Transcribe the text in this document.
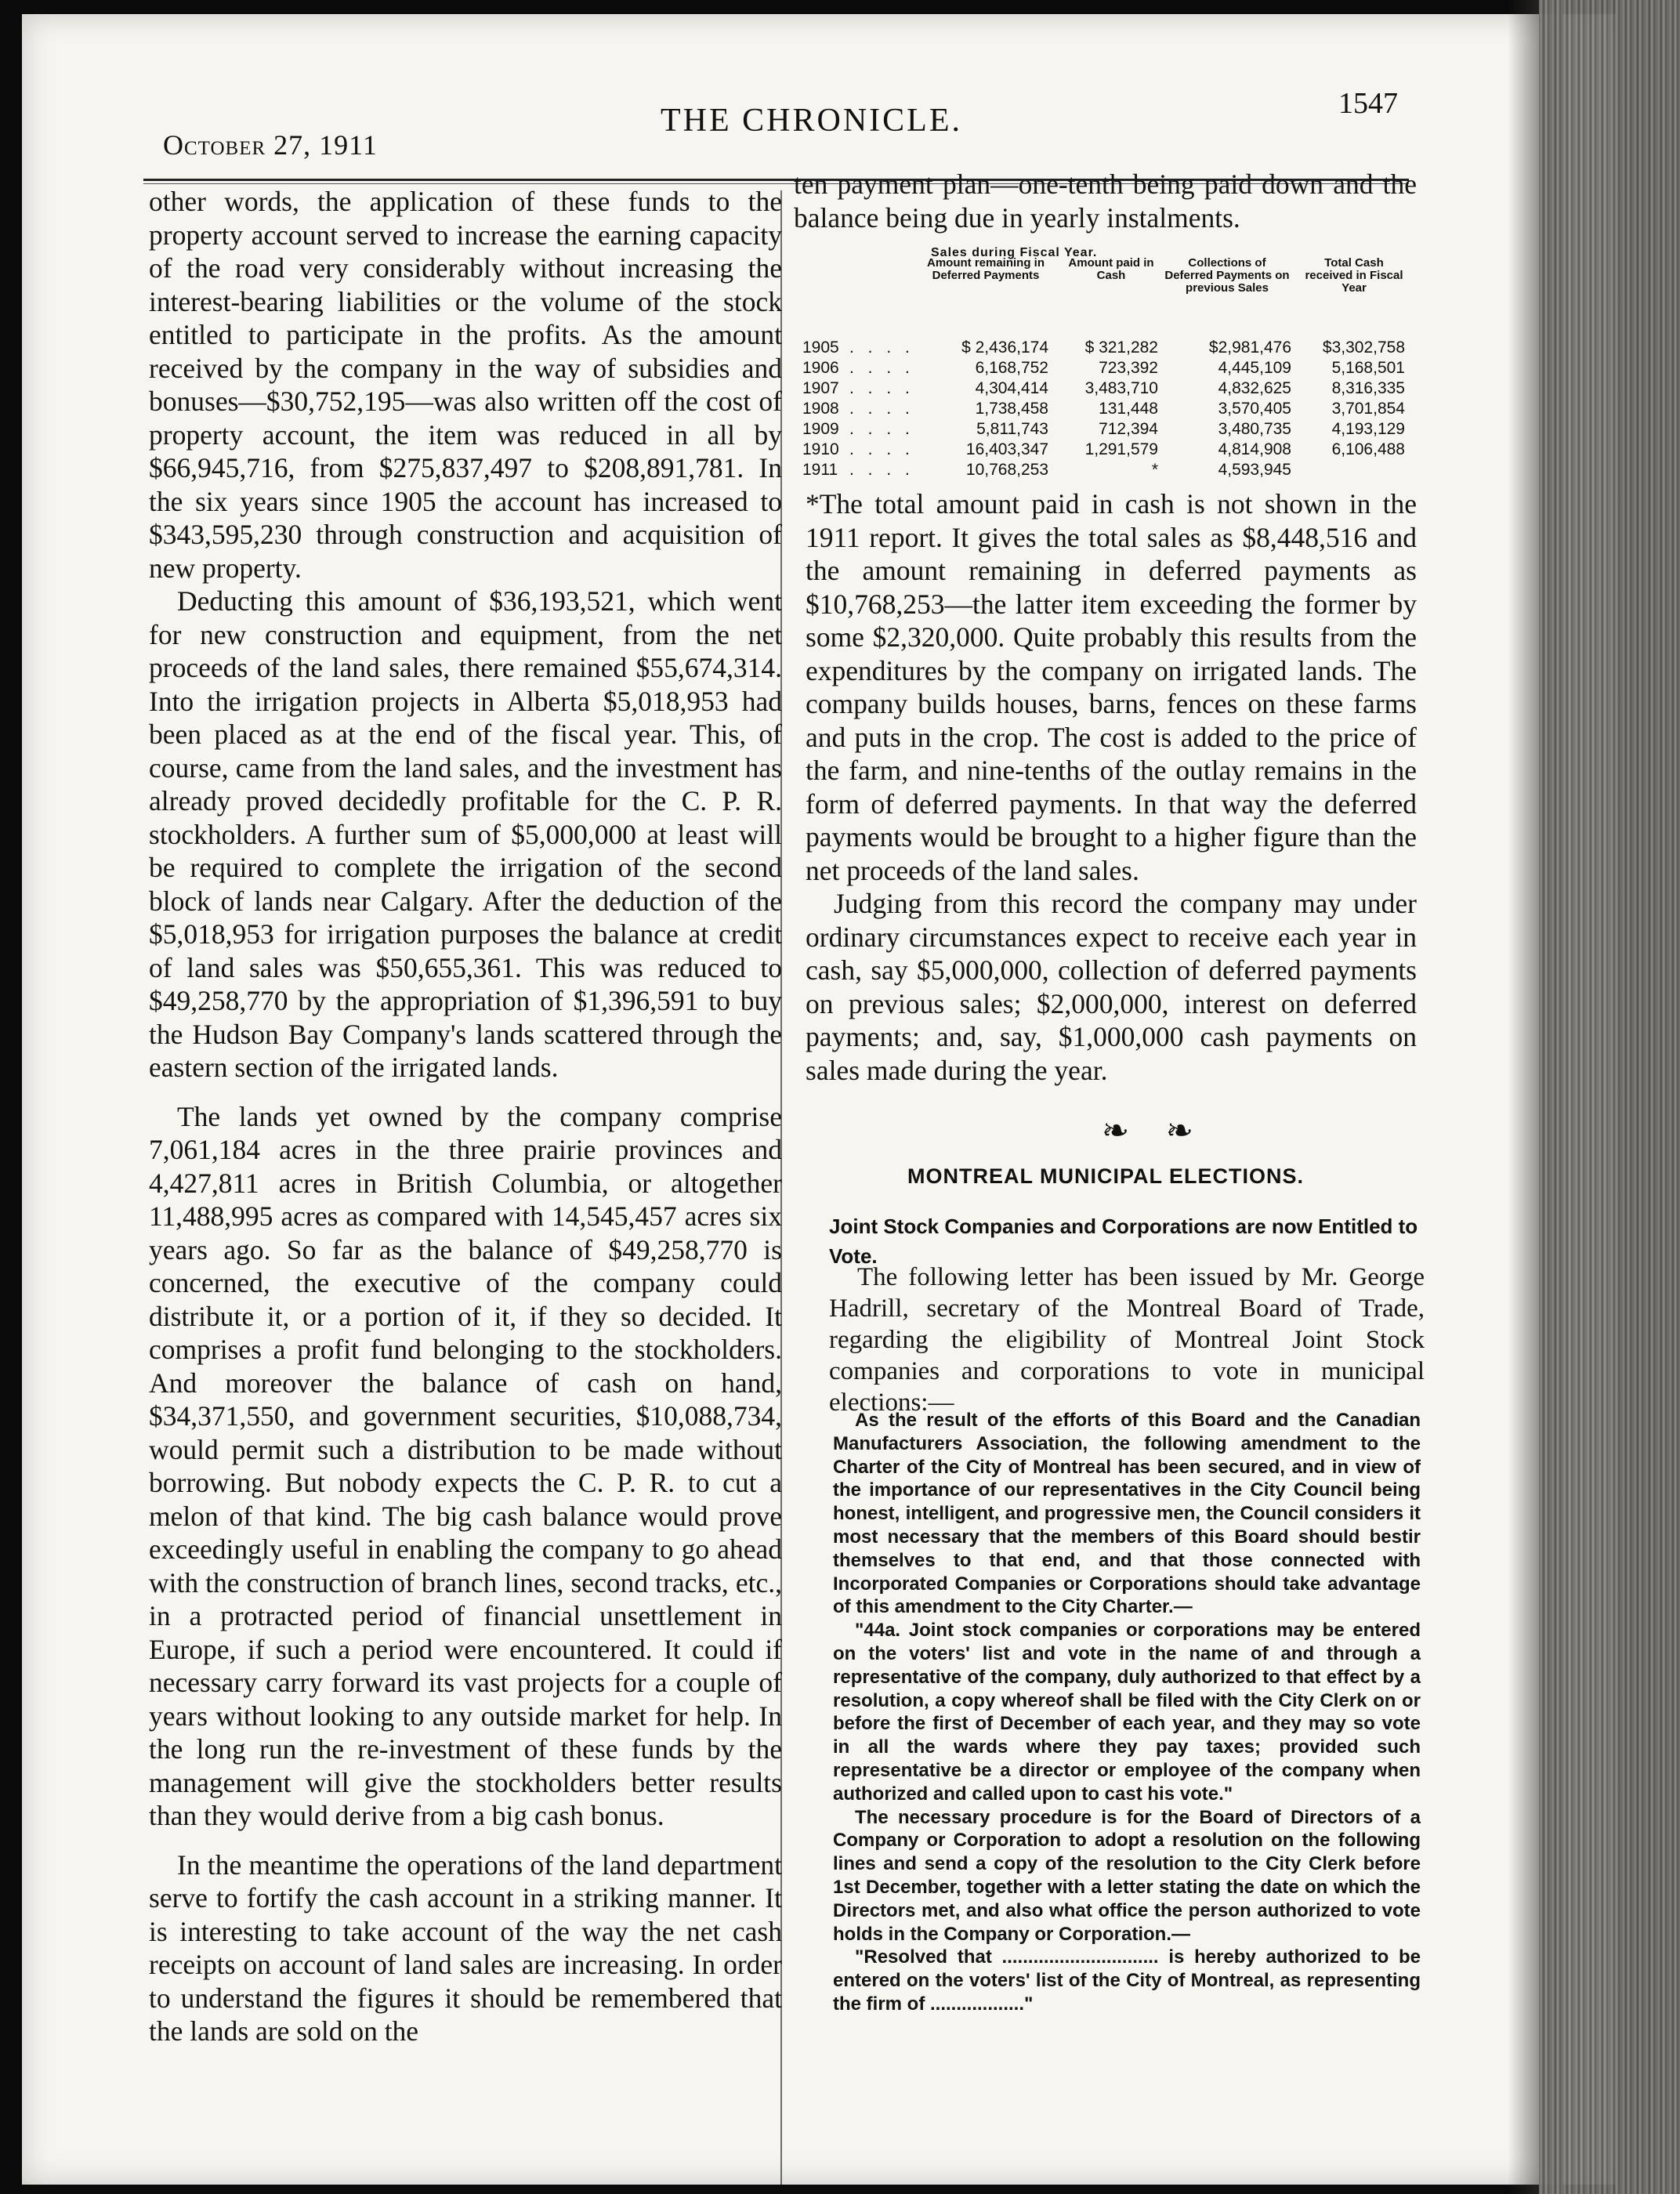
October 27, 1911
THE CHRONICLE.	1547

other words, the application of these funds to the property account served to increase the earning capacity of the road very considerably without increasing the interest-bearing liabilities or the volume of the stock entitled to participate in the profits. As the amount received by the company in the way of subsidies and bonuses—$30,752,195—was also written off the cost of property account, the item was reduced in all by $66,945,716, from $275,837,497 to $208,891,781. In the six years since 1905 the account has increased to $343,595,230 through construction and acquisition of new property.

Deducting this amount of $36,193,521, which went for new construction and equipment, from the net proceeds of the land sales, there remained $55,674,314. Into the irrigation projects in Alberta $5,018,953 had been placed as at the end of the fiscal year. This, of course, came from the land sales, and the investment has already proved decidedly profitable for the C. P. R. stockholders. A further sum of $5,000,000 at least will be required to complete the irrigation of the second block of lands near Calgary. After the deduction of the $5,018,953 for irrigation purposes the balance at credit of land sales was $50,655,361. This was reduced to $49,258,770 by the appropriation of $1,396,591 to buy the Hudson Bay Company's lands scattered through the eastern section of the irrigated lands.

The lands yet owned by the company comprise 7,061,184 acres in the three prairie provinces and 4,427,811 acres in British Columbia, or altogether 11,488,995 acres as compared with 14,545,457 acres six years ago. So far as the balance of $49,258,770 is concerned, the executive of the company could distribute it, or a portion of it, if they so decided. It comprises a profit fund belonging to the stockholders. And moreover the balance of cash on hand, $34,371,550, and government securities, $10,088,734, would permit such a distribution to be made without borrowing. But nobody expects the C. P. R. to cut a melon of that kind. The big cash balance would prove exceedingly useful in enabling the company to go ahead with the construction of branch lines, second tracks, etc., in a protracted period of financial unsettlement in Europe, if such a period were encountered. It could if necessary carry forward its vast projects for a couple of years without looking to any outside market for help. In the long run the re-investment of these funds by the management will give the stockholders better results than they would derive from a big cash bonus.

In the meantime the operations of the land department serve to fortify the cash account in a striking manner. It is interesting to take account of the way the net cash receipts on account of land sales are increasing. In order to understand the figures it should be remembered that the lands are sold on the

ten payment plan—one-tenth being paid down and the balance being due in yearly instalments.

Sales during Fiscal Year.
Amount remaining in Deferred Payments
Amount paid in Cash
Collections of Deferred Payments on previous Sales
Total Cash received in Fiscal Year
1905 . . . .	$ 2,436,174	$ 321,282	$2,981,476	$3,302,758
1906 . . . .	6,168,752	723,392	4,445,109	5,168,501
1907 . . . .	4,304,414	3,483,710	4,832,625	8,316,335
1908 . . . .	1,738,458	131,448	3,570,405	3,701,854
1909 . . . .	5,811,743	712,394	3,480,735	4,193,129
1910 . . . .	16,403,347	1,291,579	4,814,908	6,106,488
1911 . . . .	10,768,253	*	4,593,945

*The total amount paid in cash is not shown in the 1911 report. It gives the total sales as $8,448,516 and the amount remaining in deferred payments as $10,768,253—the latter item exceeding the former by some $2,320,000. Quite probably this results from the expenditures by the company on irrigated lands. The company builds houses, barns, fences on these farms and puts in the crop. The cost is added to the price of the farm, and nine-tenths of the outlay remains in the form of deferred payments. In that way the deferred payments would be brought to a higher figure than the net proceeds of the land sales.

Judging from this record the company may under ordinary circumstances expect to receive each year in cash, say $5,000,000, collection of deferred payments on previous sales; $2,000,000, interest on deferred payments; and, say, $1,000,000 cash payments on sales made during the year.

❧ ❧
MONTREAL MUNICIPAL ELECTIONS.
Joint Stock Companies and Corporations are now Entitled to Vote.

The following letter has been issued by Mr. George Hadrill, secretary of the Montreal Board of Trade, regarding the eligibility of Montreal Joint Stock companies and corporations to vote in municipal elections:—

As the result of the efforts of this Board and the Canadian Manufacturers Association, the following amendment to the Charter of the City of Montreal has been secured, and in view of the importance of our representatives in the City Council being honest, intelligent, and progressive men, the Council considers it most necessary that the members of this Board should bestir themselves to that end, and that those connected with Incorporated Companies or Corporations should take advantage of this amendment to the City Charter.—

"44a. Joint stock companies or corporations may be entered on the voters' list and vote in the name of and through a representative of the company, duly authorized to that effect by a resolution, a copy whereof shall be filed with the City Clerk on or before the first of December of each year, and they may so vote in all the wards where they pay taxes; provided such representative be a director or employee of the company when authorized and called upon to cast his vote."

The necessary procedure is for the Board of Directors of a Company or Corporation to adopt a resolution on the following lines and send a copy of the resolution to the City Clerk before 1st December, together with a letter stating the date on which the Directors met, and also what office the person authorized to vote holds in the Company or Corporation.—

"Resolved that .............................. is hereby authorized to be entered on the voters' list of the City of Montreal, as representing the firm of .................."
